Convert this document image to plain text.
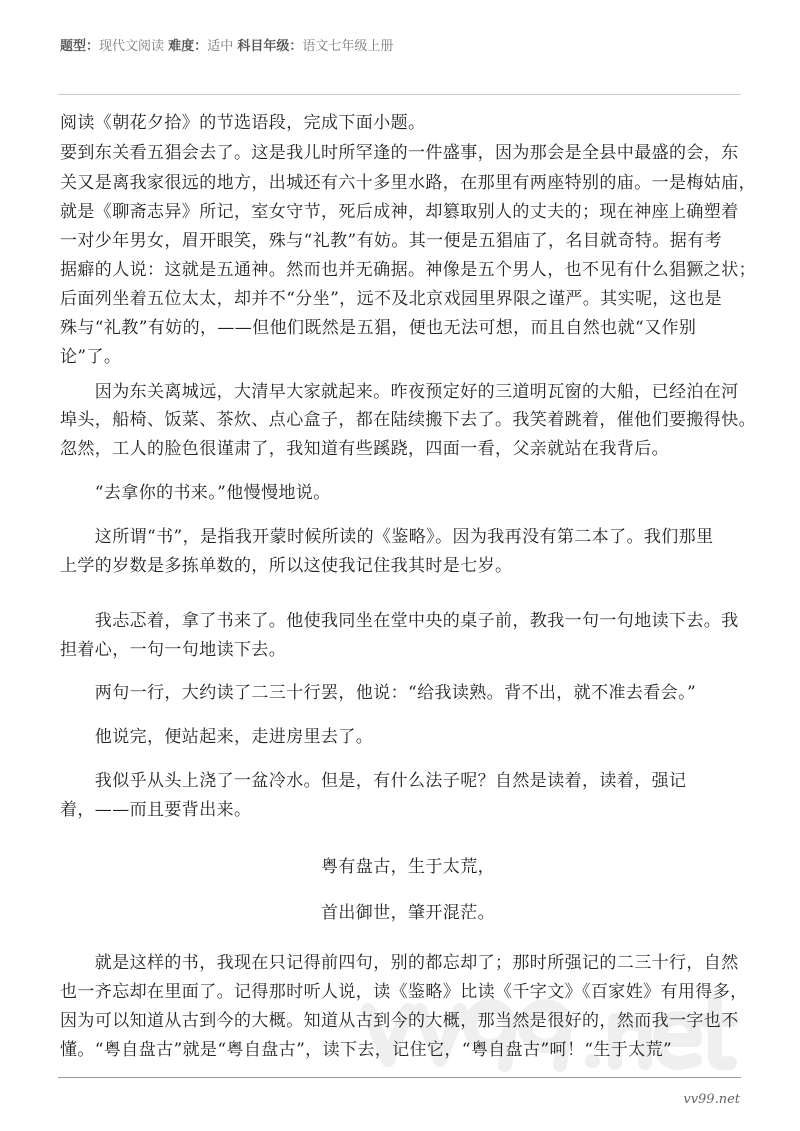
题型：现代文阅读 难度：适中 科目年级：语文七年级上册
阅读《朝花夕拾》的节选语段，完成下面小题。
要到东关看五猖会去了。这是我儿时所罕逢的一件盛事，因为那会是全县中最盛的会，东
关又是离我家很远的地方，出城还有六十多里水路，在那里有两座特别的庙。一是梅姑庙，
就是《聊斋志异》所记，室女守节，死后成神，却篡取别人的丈夫的；现在神座上确塑着
一对少年男女，眉开眼笑，殊与“礼教”有妨。其一便是五猖庙了，名目就奇特。据有考
据癖的人说：这就是五通神。然而也并无确据。神像是五个男人，也不见有什么猖獗之状；
后面列坐着五位太太，却并不“分坐”，远不及北京戏园里界限之谨严。其实呢，这也是
殊与“礼教”有妨的，——但他们既然是五猖，便也无法可想，而且自然也就“又作别
论”了。
因为东关离城远，大清早大家就起来。昨夜预定好的三道明瓦窗的大船，已经泊在河
埠头，船椅、饭菜、茶炊、点心盒子，都在陆续搬下去了。我笑着跳着，催他们要搬得快。
忽然，工人的脸色很谨肃了，我知道有些蹊跷，四面一看，父亲就站在我背后。
“去拿你的书来。”他慢慢地说。
这所谓“书”，是指我开蒙时候所读的《鉴略》。因为我再没有第二本了。我们那里
上学的岁数是多拣单数的，所以这使我记住我其时是七岁。
我忐忑着，拿了书来了。他使我同坐在堂中央的桌子前，教我一句一句地读下去。我
担着心，一句一句地读下去。
两句一行，大约读了二三十行罢，他说：“给我读熟。背不出，就不准去看会。”
他说完，便站起来，走进房里去了。
我似乎从头上浇了一盆冷水。但是，有什么法子呢？自然是读着，读着，强记
着，——而且要背出来。
粤有盘古，生于太荒，
首出御世，肇开混茫。
就是这样的书，我现在只记得前四句，别的都忘却了；那时所强记的二三十行，自然
也一齐忘却在里面了。记得那时听人说，读《鉴略》比读《千字文》《百家姓》有用得多，
因为可以知道从古到今的大概。知道从古到今的大概，那当然是很好的，然而我一字也不
懂。“粤自盘古”就是“粤自盘古”，读下去，记住它，“粤自盘古”呵！“生于太荒”
vv99.net
